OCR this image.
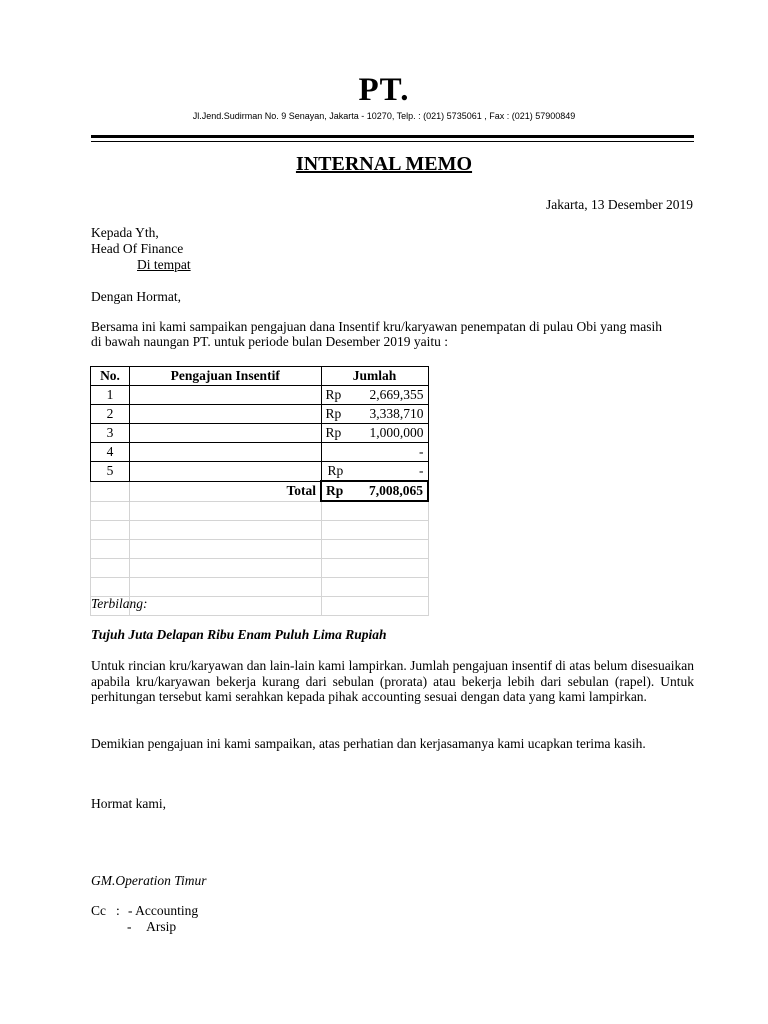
PT.
Jl.Jend.Sudirman No. 9 Senayan, Jakarta - 10270, Telp. : (021) 5735061 , Fax : (021) 57900849
INTERNAL MEMO
Jakarta, 13 Desember 2019
Kepada Yth,
Head Of Finance
Di tempat
Dengan Hormat,
Bersama ini kami sampaikan pengajuan dana Insentif kru/karyawan penempatan di pulau Obi yang masih
di bawah naungan PT. untuk periode bulan Desember 2019 yaitu :
No.	Pengajuan Insentif	Jumlah
1		Rp 2,669,355

2		Rp 3,338,710

3		Rp 1,000,000

4		-

5		Rp -

	Total	Rp 7,008,065

Terbilang:
Tujuh Juta Delapan Ribu Enam Puluh Lima Rupiah
Untuk rincian kru/karyawan dan lain-lain kami lampirkan. Jumlah pengajuan insentif di atas belum disesuaikan apabila kru/karyawan bekerja kurang dari sebulan (prorata) atau bekerja lebih dari sebulan (rapel). Untuk perhitungan tersebut kami serahkan kepada pihak accounting sesuai dengan data yang kami lampirkan.
Demikian pengajuan ini kami sampaikan, atas perhatian dan kerjasamanya kami ucapkan terima kasih.
Hormat kami,
GM.Operation Timur
Cc : - Accounting
- Arsip
